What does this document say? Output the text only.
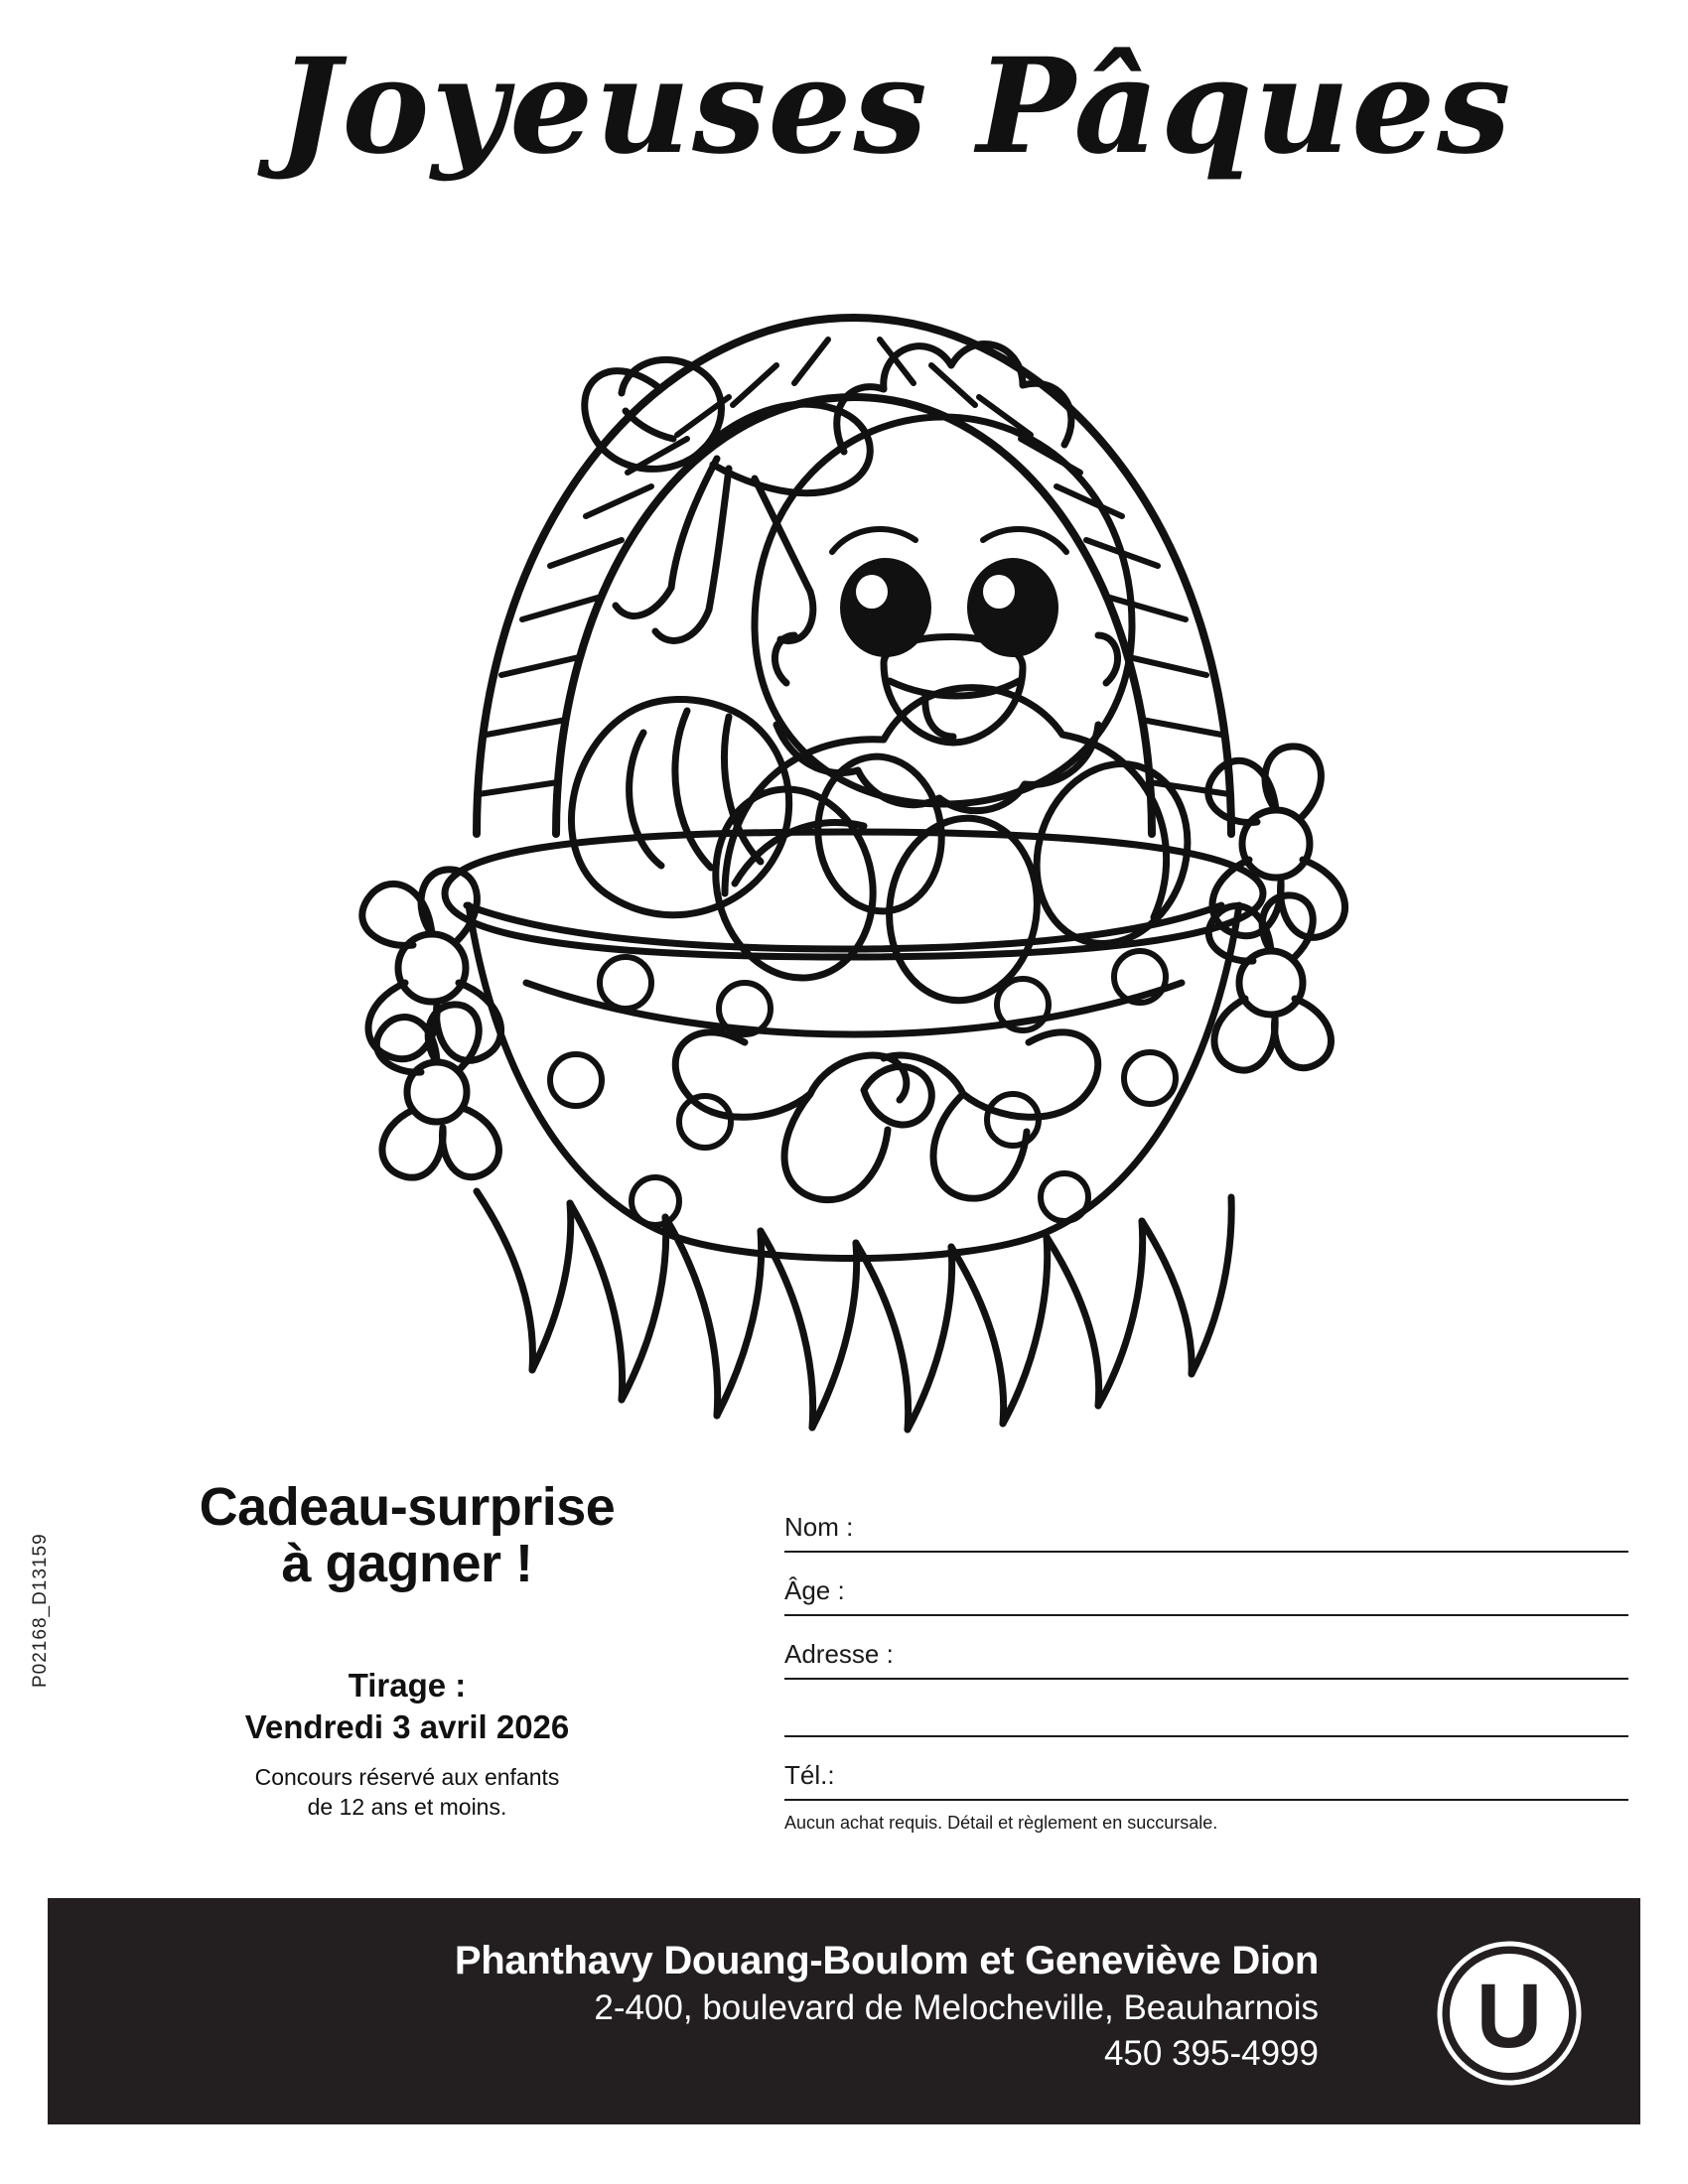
Joyeuses Pâques
Cadeau-surprise
à gagner !
Tirage :
Vendredi 3 avril 2026
Concours réservé aux enfants
de 12 ans et moins.
P02168_D13159
Nom :
Âge :
Adresse :
Tél.:
Aucun achat requis. Détail et règlement en succursale.
Phanthavy Douang-Boulom et Geneviève Dion
2-400, boulevard de Melocheville, Beauharnois
450 395-4999 U
